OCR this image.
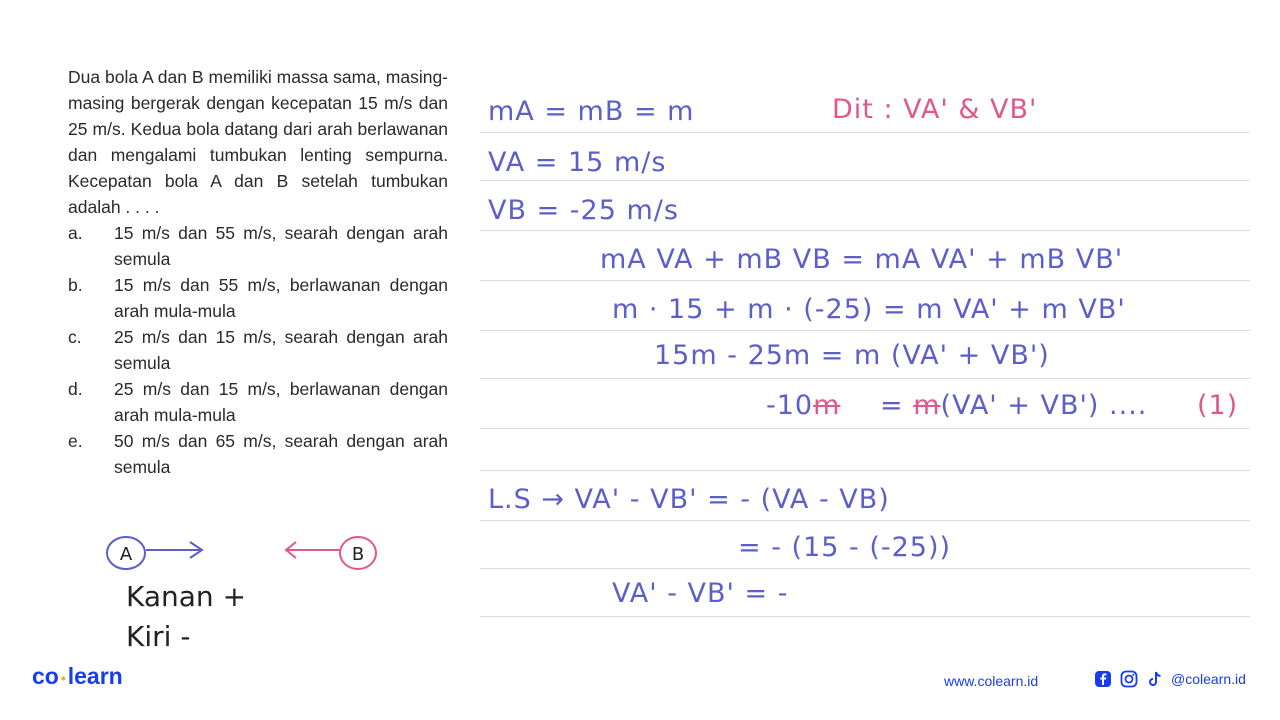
Dua bola A dan B memiliki massa sama, masing-masing bergerak dengan kecepatan 15 m/s dan 25 m/s. Kedua bola datang dari arah berlawanan dan mengalami tumbukan lenting sempurna. Kecepatan bola A dan B setelah tumbukan adalah . . . .
a.	15 m/s dan 55 m/s, searah dengan arah semula
b.	15 m/s dan 55 m/s, berlawanan dengan arah mula-mula
c.	25 m/s dan 15 m/s, searah dengan arah semula
d.	25 m/s dan 15 m/s, berlawanan dengan arah mula-mula
e.	50 m/s dan 65 m/s, searah dengan arah semula
mA = mB = m	Dit : VA' & VB'
VA = 15 m/s
VB = -25 m/s
mA VA + mB VB = mA VA' + mB VB'
m · 15 + m · (-25) = m VA' + m VB'
15m - 25m = m (VA' + VB')
-10m = m(VA' + VB') .... (1)
L.S → VA' - VB' = - (VA - VB)
= - (15 - (-25))
VA' - VB' = -
A	B
Kanan +
Kiri -
co •learn	www.colearn.id	@colearn.id
